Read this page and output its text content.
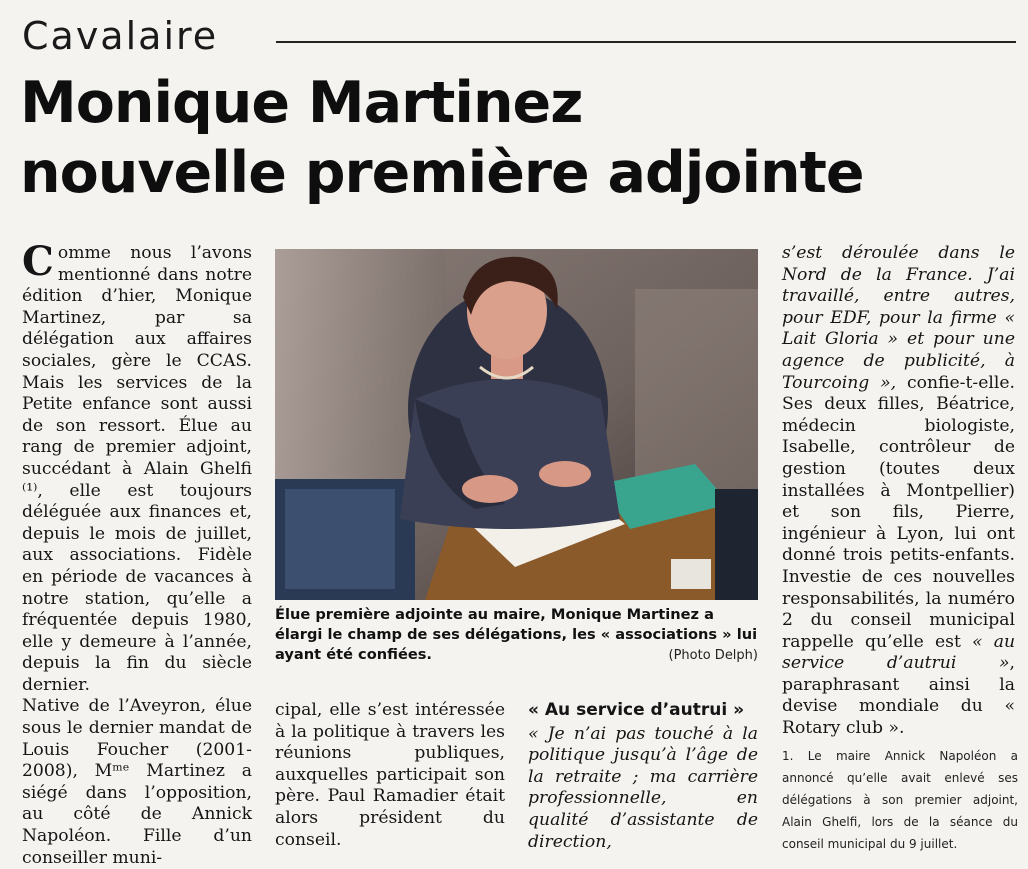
Cavalaire
Monique Martinez
nouvelle première adjointe

Comme nous l’avons mentionné dans notre édition d’hier, Monique Martinez, par sa délégation aux affaires sociales, gère le CCAS. Mais les services de la Petite enfance sont aussi de son ressort. Élue au rang de premier adjoint, succédant à Alain Ghelfi ⁽¹⁾, elle est toujours déléguée aux finances et, depuis le mois de juillet, aux associations. Fidèle en période de vacances à notre station, qu’elle a fréquentée depuis 1980, elle y demeure à l’année, depuis la fin du siècle dernier.

Native de l’Aveyron, élue sous le dernier mandat de Louis Foucher (2001-2008), Mᵐᵉ Martinez a siégé dans l’opposition, au côté de Annick Napoléon. Fille d’un conseiller muni-

Élue première adjointe au maire, Monique Martinez a élargi le champ de ses délégations, les « associations » lui ayant été confiées.	(Photo Delph)

cipal, elle s’est intéressée à la politique à travers les réunions publiques, auxquelles participait son père. Paul Ramadier était alors président du conseil.

« Au service d’autrui »

« Je n’ai pas touché à la politique jusqu’à l’âge de la retraite ; ma carrière professionnelle, en qualité d’assistante de direction,

s’est déroulée dans le Nord de la France. J’ai travaillé, entre autres, pour EDF, pour la firme « Lait Gloria » et pour une agence de publicité, à Tourcoing », confie-t-elle. Ses deux filles, Béatrice, médecin biologiste, Isabelle, contrôleur de gestion (toutes deux installées à Montpellier) et son fils, Pierre, ingénieur à Lyon, lui ont donné trois petits-enfants. Investie de ces nouvelles responsabilités, la numéro 2 du conseil municipal rappelle qu’elle est « au service d’autrui », paraphrasant ainsi la devise mondiale du « Rotary club ».

1. Le maire Annick Napoléon a annoncé qu’elle avait enlevé ses délégations à son premier adjoint, Alain Ghelfi, lors de la séance du conseil municipal du 9 juillet.
